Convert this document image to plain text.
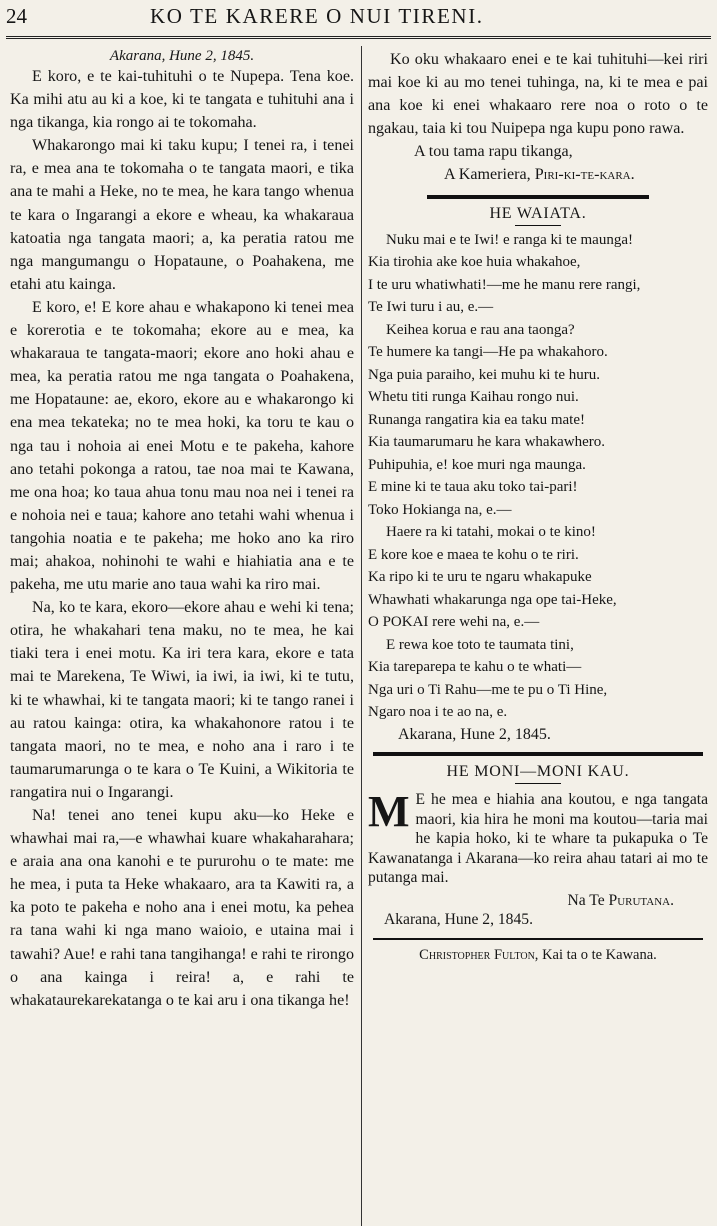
24	KO TE KARERE O NUI TIRENI.
Akarana, Hune 2, 1845.

E koro, e te kai-tuhituhi o te Nupepa. Tena koe. Ka mihi atu au ki a koe, ki te tangata e tuhituhi ana i nga tikanga, kia rongo ai te tokomaha.

Whakarongo mai ki taku kupu; I tenei ra, i tenei ra, e mea ana te tokomaha o te tangata maori, e tika ana te mahi a Heke, no te mea, he kara tango whenua te kara o Ingarangi a ekore e wheau, ka whakaraua katoatia nga tangata maori; a, ka peratia ratou me nga mangumangu o Hopataune, o Poahakena, me etahi atu kainga.

E koro, e! E kore ahau e whakapono ki tenei mea e korerotia e te tokomaha; ekore au e mea, ka whakaraua te tangata-maori; ekore ano hoki ahau e mea, ka peratia ratou me nga tangata o Poahakena, me Hopataune: ae, ekoro, ekore au e whakarongo ki ena mea tekateka; no te mea hoki, ka toru te kau o nga tau i nohoia ai enei Motu e te pakeha, kahore ano tetahi pokonga a ratou, tae noa mai te Kawana, me ona hoa; ko taua ahua tonu mau noa nei i tenei ra e nohoia nei e taua; kahore ano tetahi wahi whenua i tangohia noatia e te pakeha; me hoko ano ka riro mai; ahakoa, nohinohi te wahi e hiahiatia ana e te pakeha, me utu marie ano taua wahi ka riro mai.

Na, ko te kara, ekoro—ekore ahau e wehi ki tena; otira, he whakahari tena maku, no te mea, he kai tiaki tera i enei motu. Ka iri tera kara, ekore e tata mai te Marekena, Te Wiwi, ia iwi, ia iwi, ki te tutu, ki te whawhai, ki te tangata maori; ki te tango ranei i au ratou kainga: otira, ka whakahonore ratou i te tangata maori, no te mea, e noho ana i raro i te taumarumarunga o te kara o Te Kuini, a Wikitoria te rangatira nui o Ingarangi.

Na! tenei ano tenei kupu aku—ko Heke e whawhai mai ra,—e whawhai kuare whakaharahara; e araia ana ona kanohi e te pururohu o te mate: me he mea, i puta ta Heke whakaaro, ara ta Kawiti ra, a ka poto te pakeha e noho ana i enei motu, ka pehea ra tana wahi ki nga mano waioio, e utaina mai i tawahi? Aue! e rahi tana tangihanga! e rahi te rirongo o ana kainga i reira! a, e rahi te whakataurekarekatanga o te kai aru i ona tikanga he!

Ko oku whakaaro enei e te kai tuhituhi—kei riri mai koe ki au mo tenei tuhinga, na, ki te mea e pai ana koe ki enei whakaaro rere noa o roto o te ngakau, taia ki tou Nuipepa nga kupu pono rawa.

A tou tama rapu tikanga,
A Kameriera, Piri-ki-te-kara.
HE WAIATA.
Nuku mai e te Iwi! e ranga ki te maunga!
Kia tirohia ake koe huia whakahoe,
I te uru whatiwhati!—me he manu rere rangi,
Te Iwi turu i au, e.—
Keihea korua e rau ana taonga?
Te humere ka tangi—He pa whakahoro.
Nga puia paraiho, kei muhu ki te huru.
Whetu titi runga Kaihau rongo nui.
Runanga rangatira kia ea taku mate!
Kia taumarumaru he kara whakawhero.
Puhipuhia, e! koe muri nga maunga.
E mine ki te taua aku toko tai-pari!
Toko Hokianga na, e.—
Haere ra ki tatahi, mokai o te kino!
E kore koe e maea te kohu o te riri.
Ka ripo ki te uru te ngaru whakapuke
Whawhati whakarunga nga ope tai-Heke,
O POKAI rere wehi na, e.—
E rewa koe toto te taumata tini,
Kia tareparepa te kahu o te whati—
Nga uri o Ti Rahu—me te pu o Ti Hine,
Ngaro noa i te ao na, e.
Akarana, Hune 2, 1845.
HE MONI—MONI KAU.
M E he mea e hiahia ana koutou, e nga tangata maori, kia hira he moni ma koutou—taria mai he kapia hoko, ki te whare ta pukapuka o Te Kawanatanga i Akarana—ko reira ahau tatari ai mo te putanga mai.

Na Te Purutana.
Akarana, Hune 2, 1845.
Christopher Fulton, Kai ta o te Kawana.
